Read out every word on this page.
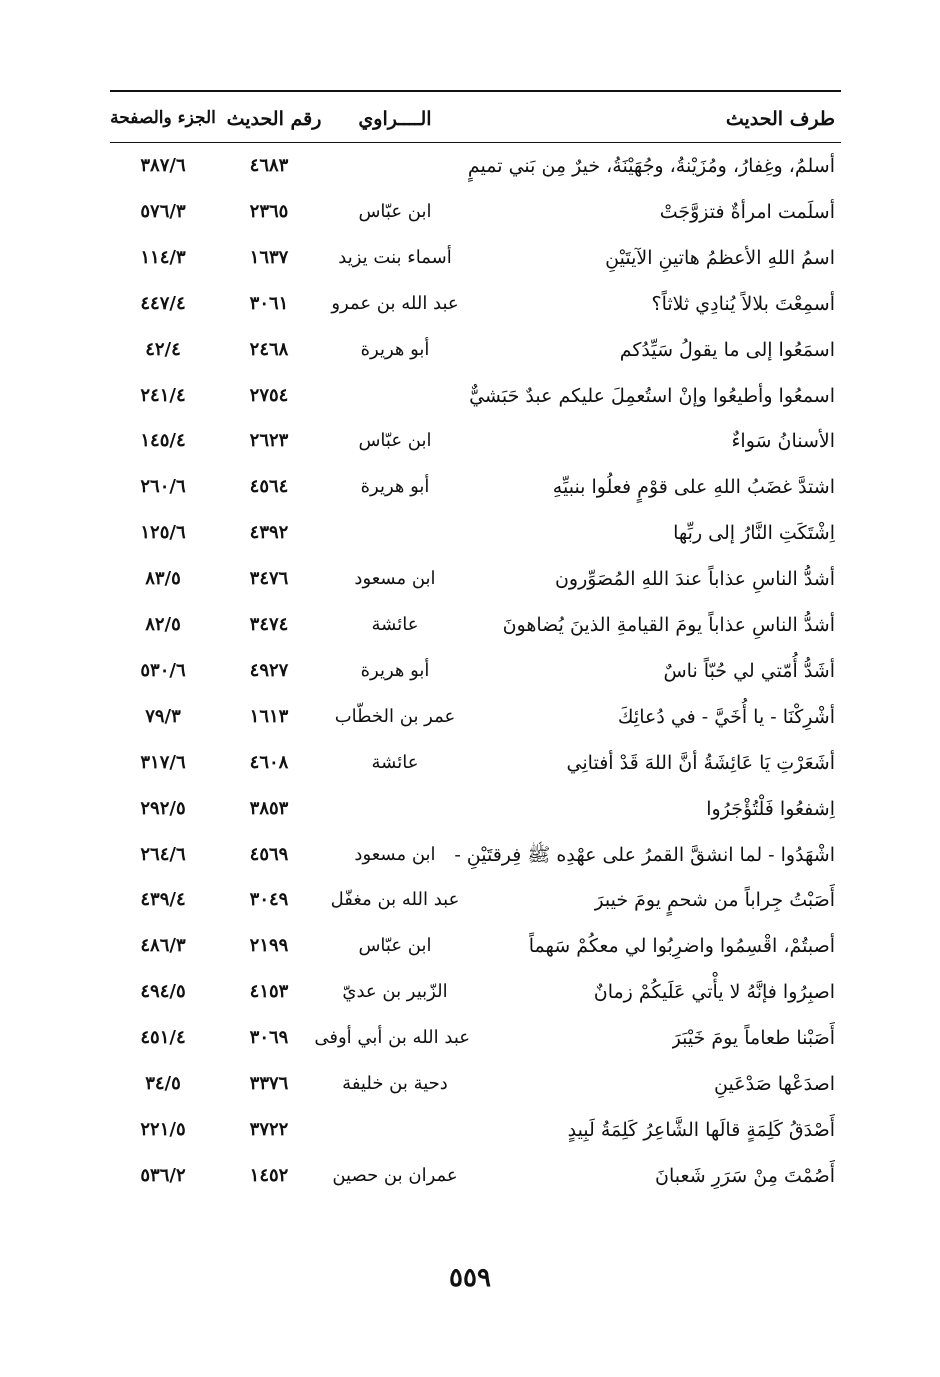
طرف الحديث
الــــراوي
رقم الحديث
الجزء والصفحة
أسلمُ، وغِفارُ، ومُزَيْنةُ، وجُهَيْنَةُ، خيرٌ مِن بَني تميمٍ
٤٦٨٣
٣٨٧/٦
أسلَمت امرأةٌ فتزوَّجَتْ
ابن عبّاس
٢٣٦٥
٥٧٦/٣
اسمُ اللهِ الأعظمُ هاتينِ الآيتَيْنِ
أسماء بنت يزيد
١٦٣٧
١١٤/٣
أسمِعْتَ بلالاً يُنادِي ثلاثاً؟
عبد الله بن عمرو
٣٠٦١
٤٤٧/٤
اسمَعُوا إلى ما يقولُ سَيِّدُكم
أبو هريرة
٢٤٦٨
٤٢/٤
اسمعُوا وأطيعُوا وإنْ استُعمِلَ عليكم عبدٌ حَبَشيٌّ
٢٧٥٤
٢٤١/٤
الأسنانُ سَواءٌ
ابن عبّاس
٢٦٢٣
١٤٥/٤
اشتدَّ غضَبُ اللهِ على قوْمٍ فعلُوا بنبيِّهِ
أبو هريرة
٤٥٦٤
٢٦٠/٦
اِشْتَكَتِ النَّارُ إلى ربِّها
٤٣٩٢
١٢٥/٦
أشدُّ الناسِ عذاباً عندَ اللهِ المُصَوِّرون
ابن مسعود
٣٤٧٦
٨٣/٥
أشدُّ الناسِ عذاباً يومَ القيامةِ الذينَ يُضاهونَ
عائشة
٣٤٧٤
٨٢/٥
أشَدُّ أُمّتي لي حُبّاً ناسٌ
أبو هريرة
٤٩٢٧
٥٣٠/٦
أشْرِكْنَا - يا أُخَيَّ - في دُعائِكَ
عمر بن الخطّاب
١٦١٣
٧٩/٣
أشَعَرْتِ يَا عَائِشَةُ أنَّ اللهَ قَدْ أفتانِي
عائشة
٤٦٠٨
٣١٧/٦
اِشفعُوا فَلْتُؤْجَرُوا
٣٨٥٣
٢٩٢/٥
اشْهَدُوا - لما انشقَّ القمرُ على عهْدِه ﷺ فِرقتَيْنِ -
ابن مسعود
٤٥٦٩
٢٦٤/٦
أَصَبْتُ جِراباً من شحمٍ يومَ خيبرَ
عبد الله بن مغفّل
٣٠٤٩
٤٣٩/٤
أصبتُمْ، اقْسِمُوا واضرِبُوا لي معكُمْ سَهماً
ابن عبّاس
٢١٩٩
٤٨٦/٣
اصبِرُوا فإنَّهُ لا يأْتي عَلَيكُمْ زمانٌ
الزّبير بن عديّ
٤١٥٣
٤٩٤/٥
أَصَبْنا طعاماً يومَ خَيْبَرَ
عبد الله بن أبي أوفى
٣٠٦٩
٤٥١/٤
اصدَعْها صَدْعَينِ
دحية بن خليفة
٣٣٧٦
٣٤/٥
أَصْدَقُ كَلِمَةٍ قالَها الشَّاعِرُ كَلِمَةُ لَبِيدٍ
٣٧٢٢
٢٢١/٥
أَصُمْتَ مِنْ سَرَرِ شَعبانَ
عمران بن حصين
١٤٥٢
٥٣٦/٢
٥٥٩
